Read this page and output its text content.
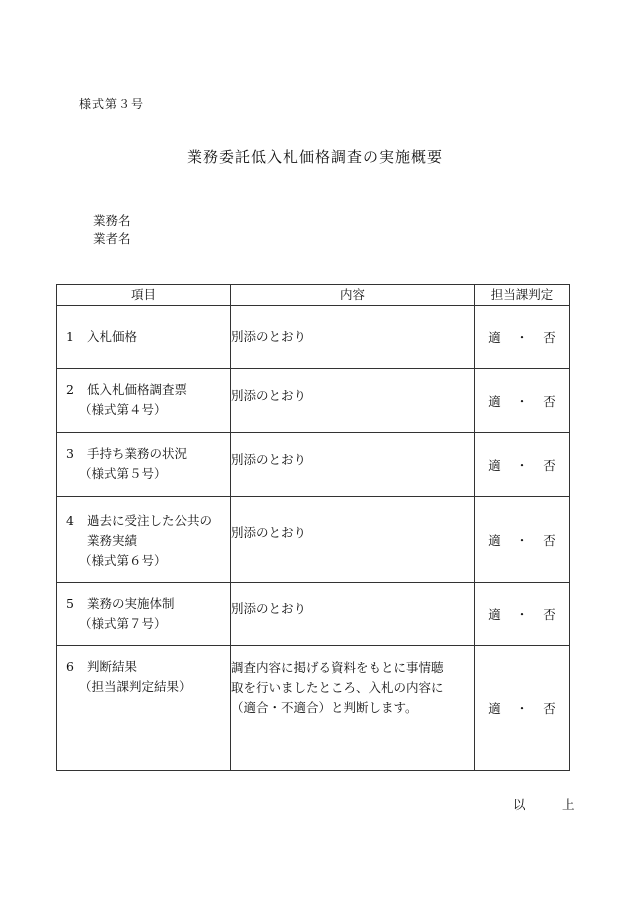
様式第３号
業務委託低入札価格調査の実施概要
業務名
業者名
項目	内容	担当課判定

1 入札価格	別添のとおり	適 ・ 否

2 低入札価格調査票
（様式第４号）	別添のとおり	適 ・ 否

3 手持ち業務の状況
（様式第５号）	別添のとおり	適 ・ 否

4 過去に受注した公共の
業務実績
（様式第６号）	別添のとおり	適 ・ 否

5 業務の実施体制
（様式第７号）	別添のとおり	適 ・ 否

6 判断結果
（担当課判定結果）	調査内容に掲げる資料をもとに事情聴
取を行いましたところ、入札の内容に
（適合・不適合）と判断します。	適 ・ 否
以　上
